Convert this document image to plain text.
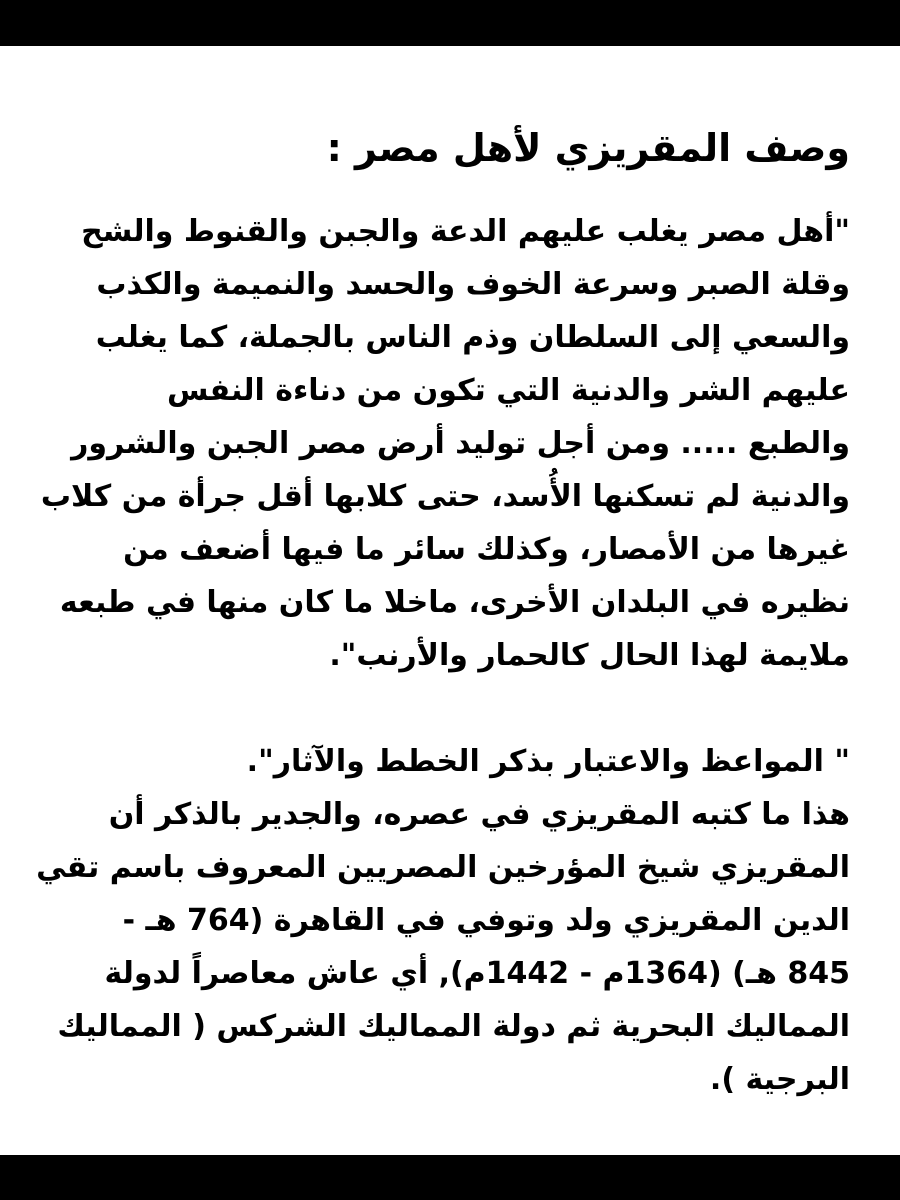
وصف المقريزي لأهل مصر :
"أهل مصر يغلب عليهم الدعة والجبن والقنوط والشح
وقلة الصبر وسرعة الخوف والحسد والنميمة والكذب
والسعي إلى السلطان وذم الناس بالجملة، كما يغلب
عليهم الشر والدنية التي تكون من دناءة النفس
والطبع ..... ومن أجل توليد أرض مصر الجبن والشرور
والدنية لم تسكنها الأُسد، حتى كلابها أقل جرأة من كلاب
غيرها من الأمصار، وكذلك سائر ما فيها أضعف من
نظيره في البلدان الأخرى، ماخلا ما كان منها في طبعه
ملايمة لهذا الحال كالحمار والأرنب".
" المواعظ والاعتبار بذكر الخطط والآثار".
هذا ما كتبه المقريزي في عصره، والجدير بالذكر أن
المقريزي شيخ المؤرخين المصريين المعروف باسم تقي
الدين المقريزي ولد وتوفي في القاهرة (764 هـ -
845 هـ) (1364م - 1442م), أي عاش معاصراً لدولة
المماليك البحرية ثم دولة المماليك الشركس ( المماليك
البرجية ).
